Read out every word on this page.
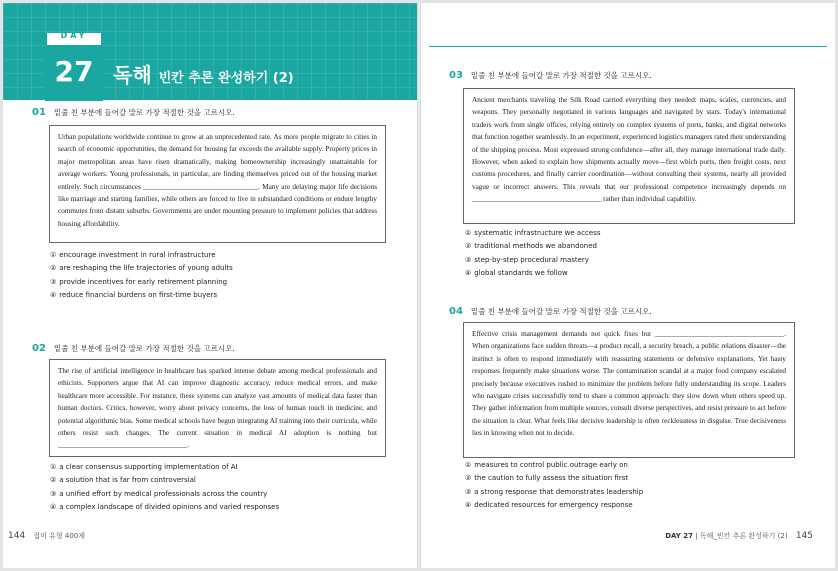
DAY
27 독해 빈칸 추론 완성하기 (2)
01 밑줄 친 부분에 들어갈 말로 가장 적절한 것을 고르시오.
Urban populations worldwide continue to grow at an unprecedented rate. As more people migrate to cities in search of economic opportunities, the demand for housing far exceeds the available supply. Property prices in major metropolitan areas have risen dramatically, making homeownership increasingly unattainable for average workers. Young professionals, in particular, are finding themselves priced out of the housing market entirely. Such circumstances ________________________________. Many are delaying major life decisions like marriage and starting families, while others are forced to live in substandard conditions or endure lengthy commutes from distant suburbs. Governments are under mounting pressure to implement policies that address housing affordability.
① encourage investment in rural infrastructure
② are reshaping the life trajectories of young adults
③ provide incentives for early retirement planning
④ reduce financial burdens on first-time buyers
02 밑줄 친 부분에 들어갈 말로 가장 적절한 것을 고르시오.
The rise of artificial intelligence in healthcare has sparked intense debate among medical professionals and ethicists. Supporters argue that AI can improve diagnostic accuracy, reduce medical errors, and make healthcare more accessible. For instance, these systems can analyze vast amounts of medical data faster than human doctors. Critics, however, worry about privacy concerns, the loss of human touch in medicine, and potential algorithmic bias. Some medical schools have begun integrating AI training into their curricula, while others resist such changes. The current situation in medical AI adoption is nothing but ____________________________________.
① a clear consensus supporting implementation of AI
② a solution that is far from controversial
③ a unified effort by medical professionals across the country
④ a complex landscape of divided opinions and varied responses
144 접미 유형 400제
03 밑줄 친 부분에 들어갈 말로 가장 적절한 것을 고르시오.
Ancient merchants traveling the Silk Road carried everything they needed: maps, scales, currencies, and weapons. They personally negotiated in various languages and navigated by stars. Today's international traders work from single offices, relying entirely on complex systems of ports, banks, and digital networks that function together seamlessly. In an experiment, experienced logistics managers rated their understanding of the shipping process. Most expressed strong confidence—after all, they manage international trade daily. However, when asked to explain how shipments actually move—first which ports, then freight costs, next customs procedures, and finally carrier coordination—without consulting their systems, nearly all provided vague or incorrect answers. This reveals that our professional competence increasingly depends on ____________________________________ rather than individual capability.
① systematic infrastructure we access
② traditional methods we abandoned
③ step-by-step procedural mastery
④ global standards we follow
04 밑줄 친 부분에 들어갈 말로 가장 적절한 것을 고르시오.
Effective crisis management demands not quick fixes but ____________________________________. When organizations face sudden threats—a product recall, a security breach, a public relations disaster—the instinct is often to respond immediately with reassuring statements or defensive explanations. Yet hasty responses frequently make situations worse. The contamination scandal at a major food company escalated precisely because executives rushed to minimize the problem before fully understanding its scope. Leaders who navigate crises successfully tend to share a common approach: they slow down when others speed up. They gather information from multiple sources, consult diverse perspectives, and resist pressure to act before the situation is clear. What feels like decisive leadership is often recklessness in disguise. True decisiveness lies in knowing when not to decide.
① measures to control public outrage early on
② the caution to fully assess the situation first
③ a strong response that demonstrates leadership
④ dedicated resources for emergency response
DAY 27 | 독해_빈칸 추론 완성하기 (2) 145
